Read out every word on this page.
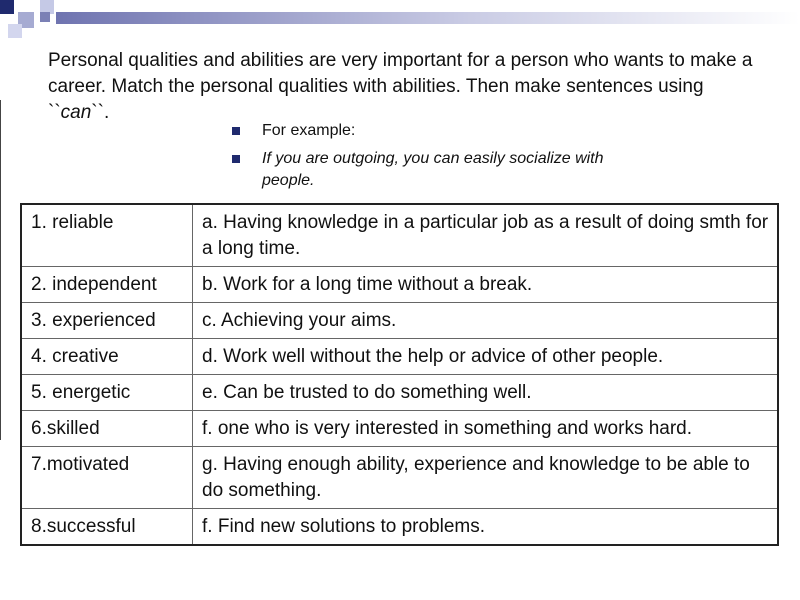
Personal qualities and abilities are very important for a person who wants to make a career. Match the personal qualities with abilities. Then make sentences using ``can``.
For example:
If you are outgoing, you can easily socialize with people.
1. reliable	a. Having knowledge in a particular job as a result of doing smth for a long time.
2. independent	b. Work for a long time without a break.
3. experienced	c. Achieving your aims.
4. creative	d. Work well without the help or advice of other people.
5. energetic	e. Can be trusted to do something well.
6.skilled	f. one who is very interested in something and works hard.
7.motivated	g. Having enough ability, experience and knowledge to be able to do something.
8.successful	f. Find new solutions to problems.
